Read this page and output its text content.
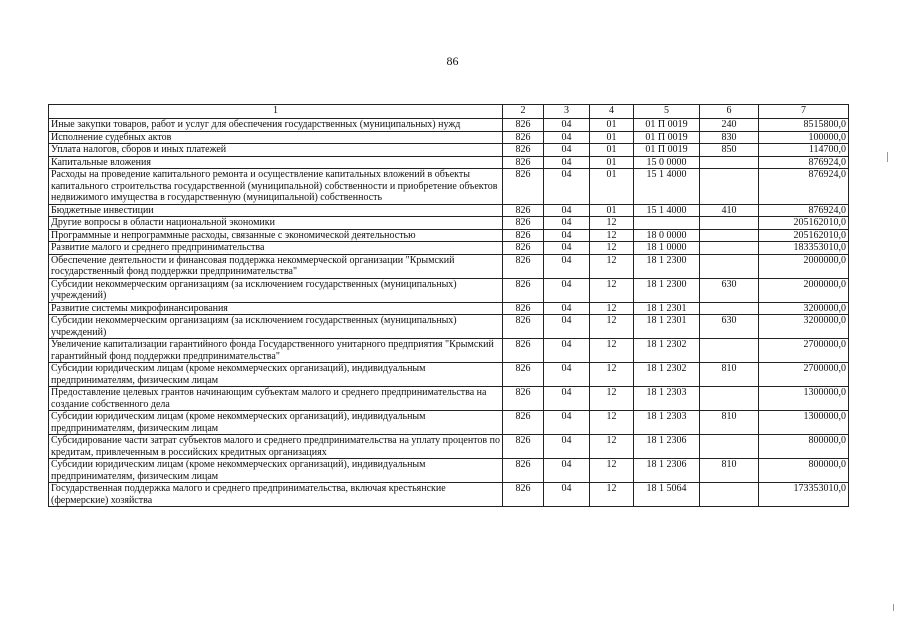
86
1	2	3	4	5	6	7
Иные закупки товаров, работ и услуг для обеспечения государственных (муниципальных) нужд	826	04	01	01 П 0019	240	8515800,0
Исполнение судебных актов	826	04	01	01 П 0019	830	100000,0
Уплата налогов, сборов и иных платежей	826	04	01	01 П 0019	850	114700,0
Капитальные вложения	826	04	01	15 0 0000		876924,0
Расходы на проведение капитального ремонта и осуществление капитальных вложений в объекты капитального строительства государственной (муниципальной) собственности и приобретение объектов недвижимого имущества в государственную (муниципальной) собственность	826	04	01	15 1 4000		876924,0
Бюджетные инвестиции	826	04	01	15 1 4000	410	876924,0
Другие вопросы в области национальной экономики	826	04	12			205162010,0
Программные и непрограммные расходы, связанные с экономической деятельностью	826	04	12	18 0 0000		205162010,0
Развитие малого и среднего предпринимательства	826	04	12	18 1 0000		183353010,0
Обеспечение деятельности и финансовая поддержка некоммерческой организации "Крымский государственный фонд поддержки предпринимательства"	826	04	12	18 1 2300		2000000,0
Субсидии некоммерческим организациям (за исключением государственных (муниципальных) учреждений)	826	04	12	18 1 2300	630	2000000,0
Развитие системы микрофинансирования	826	04	12	18 1 2301		3200000,0
Субсидии некоммерческим организациям (за исключением государственных (муниципальных) учреждений)	826	04	12	18 1 2301	630	3200000,0
Увеличение капитализации гарантийного фонда Государственного унитарного предприятия "Крымский гарантийный фонд поддержки предпринимательства"	826	04	12	18 1 2302		2700000,0
Субсидии юридическим лицам (кроме некоммерческих организаций), индивидуальным предпринимателям, физическим лицам	826	04	12	18 1 2302	810	2700000,0
Предоставление целевых грантов начинающим субъектам малого и среднего предпринимательства на создание собственного дела	826	04	12	18 1 2303		1300000,0
Субсидии юридическим лицам (кроме некоммерческих организаций), индивидуальным предпринимателям, физическим лицам	826	04	12	18 1 2303	810	1300000,0
Субсидирование части затрат субъектов малого и среднего предпринимательства на уплату процентов по кредитам, привлеченным в российских кредитных организациях	826	04	12	18 1 2306		800000,0
Субсидии юридическим лицам (кроме некоммерческих организаций), индивидуальным предпринимателям, физическим лицам	826	04	12	18 1 2306	810	800000,0
Государственная поддержка малого и среднего предпринимательства, включая крестьянские (фермерские) хозяйства	826	04	12	18 1 5064		173353010,0
